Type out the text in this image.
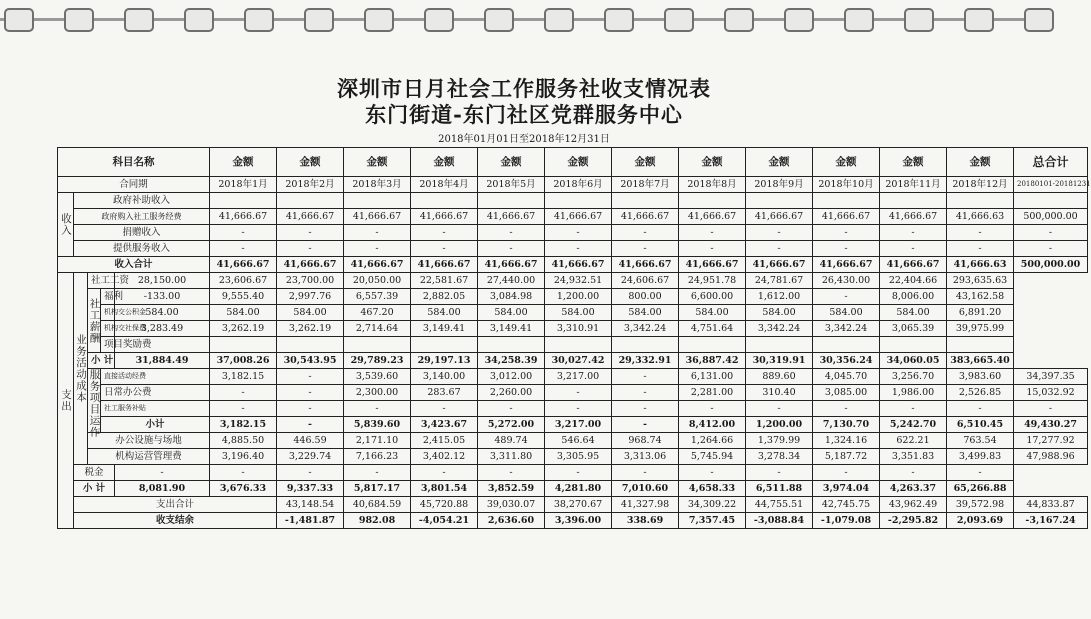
深圳市日月社会工作服务社收支情况表
东门街道-东门社区党群服务中心
2018年01月01日至2018年12月31日
科目名称					金额	金额	金额	金额	金额	金额	金额	金额	金额	金额	金额	金额	总合计	
合同期					2018年1月	2018年2月	2018年3月	2018年4月	2018年5月	2018年6月	2018年7月	2018年8月	2018年9月	2018年10月	2018年11月	2018年12月	20180101-20181231	
收入	政府补助收入																	
	政府购入社工服务经费				41,666.67	41,666.67	41,666.67	41,666.67	41,666.67	41,666.67	41,666.67	41,666.67	41,666.67	41,666.67	41,666.67	41,666.63	500,000.00	
	捐赠收入				-	-	-	-	-	-	-	-	-	-	-	-	-	
	提供服务收入				-	-	-	-	-	-	-	-	-	-	-	-	-	
收入合计					41,666.67	41,666.67	41,666.67	41,666.67	41,666.67	41,666.67	41,666.67	41,666.67	41,666.67	41,666.67	41,666.67	41,666.63	500,000.00	
支出	业务活动成本	社工工资		28,150.00	23,606.67	23,700.00	20,050.00	22,581.67	27,440.00	24,932.51	24,606.67	24,951.78	24,781.67	26,430.00	22,404.66	293,635.63		
		社工薪酬	福利	-133.00	9,555.40	2,997.76	6,557.39	2,882.05	3,084.98	1,200.00	800.00	6,600.00	1,612.00	-	8,006.00	43,162.58		
			机构交公积金	584.00	584.00	584.00	467.20	584.00	584.00	584.00	584.00	584.00	584.00	584.00	584.00	6,891.20		
			机构交社保费	3,283.49	3,262.19	3,262.19	2,714.64	3,149.41	3,149.41	3,310.91	3,342.24	4,751.64	3,342.24	3,342.24	3,065.39	39,975.99		
			项目奖励费															
		小 计		31,884.49	37,008.26	30,543.95	29,789.23	29,197.13	34,258.39	30,027.42	29,332.91	36,887.42	30,319.91	30,356.24	34,060.05	383,665.40		
		服务项目运作	直接活动经费		3,182.15	-	3,539.60	3,140.00	3,012.00	3,217.00	-	6,131.00	889.60	4,045.70	3,256.70	3,983.60	34,397.35	
			日常办公费		-	-	2,300.00	283.67	2,260.00	-	-	2,281.00	310.40	3,085.00	1,986.00	2,526.85	15,032.92	
			社工服务补贴		-	-	-	-	-	-	-	-	-	-	-	-	-	
			小计		3,182.15	-	5,839.60	3,423.67	5,272.00	3,217.00	-	8,412.00	1,200.00	7,130.70	5,242.70	6,510.45	49,430.27	
		办公设施与场地			4,885.50	446.59	2,171.10	2,415.05	489.74	546.64	968.74	1,264.66	1,379.99	1,324.16	622.21	763.54	17,277.92	
		机构运营管理费			3,196.40	3,229.74	7,166.23	3,402.12	3,311.80	3,305.95	3,313.06	5,745.94	3,278.34	5,187.72	3,351.83	3,499.83	47,988.96	
	税金			-	-	-	-	-	-	-	-	-	-	-	-	-		
	小 计			8,081.90	3,676.33	9,337.33	5,817.17	3,801.54	3,852.59	4,281.80	7,010.60	4,658.33	6,511.88	3,974.04	4,263.37	65,266.88		
	支出合计					43,148.54	40,684.59	45,720.88	39,030.07	38,270.67	41,327.98	34,309.22	44,755.51	42,745.75	43,962.49	39,572.98	44,833.87	
	收支结余					-1,481.87	982.08	-4,054.21	2,636.60	3,396.00	338.69	7,357.45	-3,088.84	-1,079.08	-2,295.82	2,093.69	-3,167.24	
